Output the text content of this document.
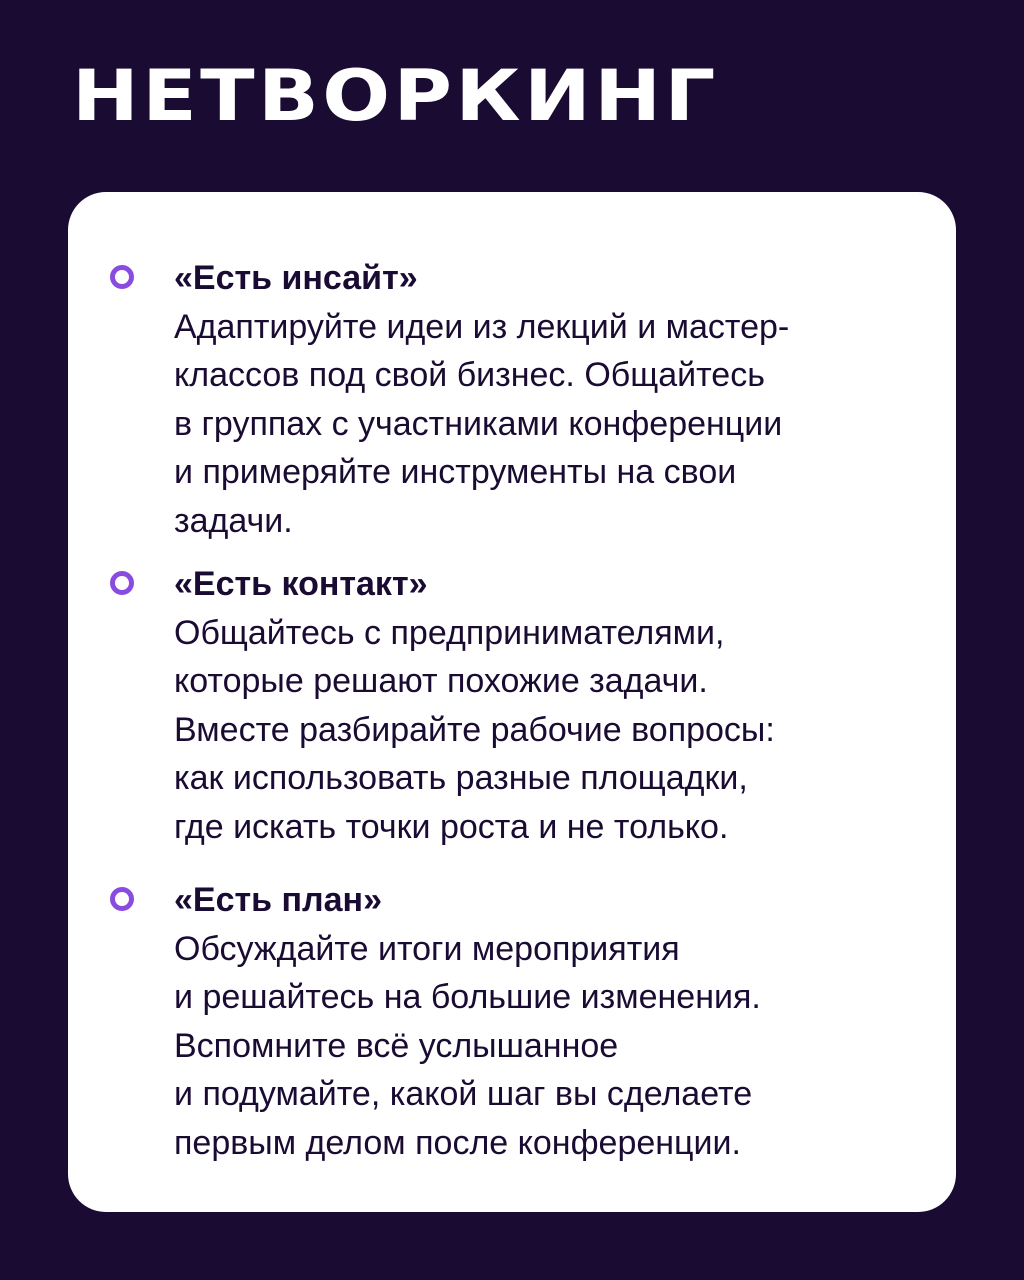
НЕТВОРКИНГ
«Есть инсайт»
Адаптируйте идеи из лекций и мастер-
классов под свой бизнес. Общайтесь
в группах с участниками конференции
и примеряйте инструменты на свои
задачи.
«Есть контакт»
Общайтесь с предпринимателями,
которые решают похожие задачи.
Вместе разбирайте рабочие вопросы:
как использовать разные площадки,
где искать точки роста и не только.
«Есть план»
Обсуждайте итоги мероприятия
и решайтесь на большие изменения.
Вспомните всё услышанное
и подумайте, какой шаг вы сделаете
первым делом после конференции.
